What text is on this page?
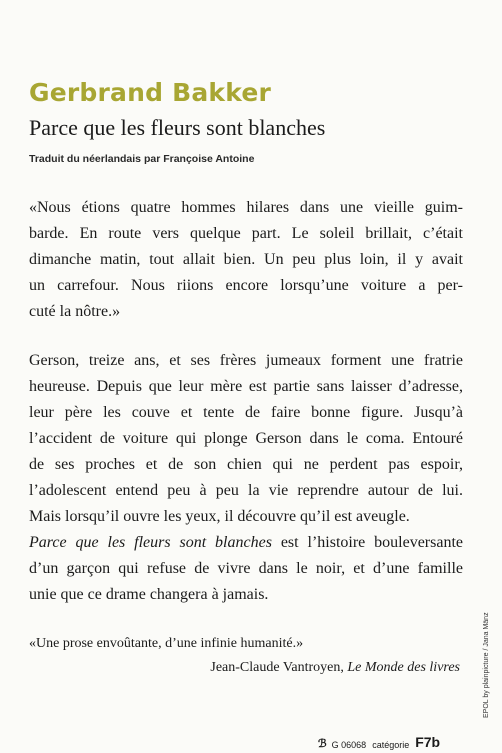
Gerbrand Bakker
Parce que les fleurs sont blanches
Traduit du néerlandais par Françoise Antoine
«Nous étions quatre hommes hilares dans une vieille guim-
barde. En route vers quelque part. Le soleil brillait, c’était
dimanche matin, tout allait bien. Un peu plus loin, il y avait
un carrefour. Nous riions encore lorsqu’une voiture a per-
cuté la nôtre.»
Gerson, treize ans, et ses frères jumeaux forment une fratrie
heureuse. Depuis que leur mère est partie sans laisser d’adresse,
leur père les couve et tente de faire bonne figure. Jusqu’à
l’accident de voiture qui plonge Gerson dans le coma. Entouré
de ses proches et de son chien qui ne perdent pas espoir,
l’adolescent entend peu à peu la vie reprendre autour de lui.
Mais lorsqu’il ouvre les yeux, il découvre qu’il est aveugle.
Parce que les fleurs sont blanches est l’histoire bouleversante
d’un garçon qui refuse de vivre dans le noir, et d’une famille
unie que ce drame changera à jamais.
«Une prose envoûtante, d’une infinie humanité.»
Jean-Claude Vantroyen, Le Monde des livres
ℬ G 06068 catégorie F7b
EPOL by plainpicture / Jana Mänz
